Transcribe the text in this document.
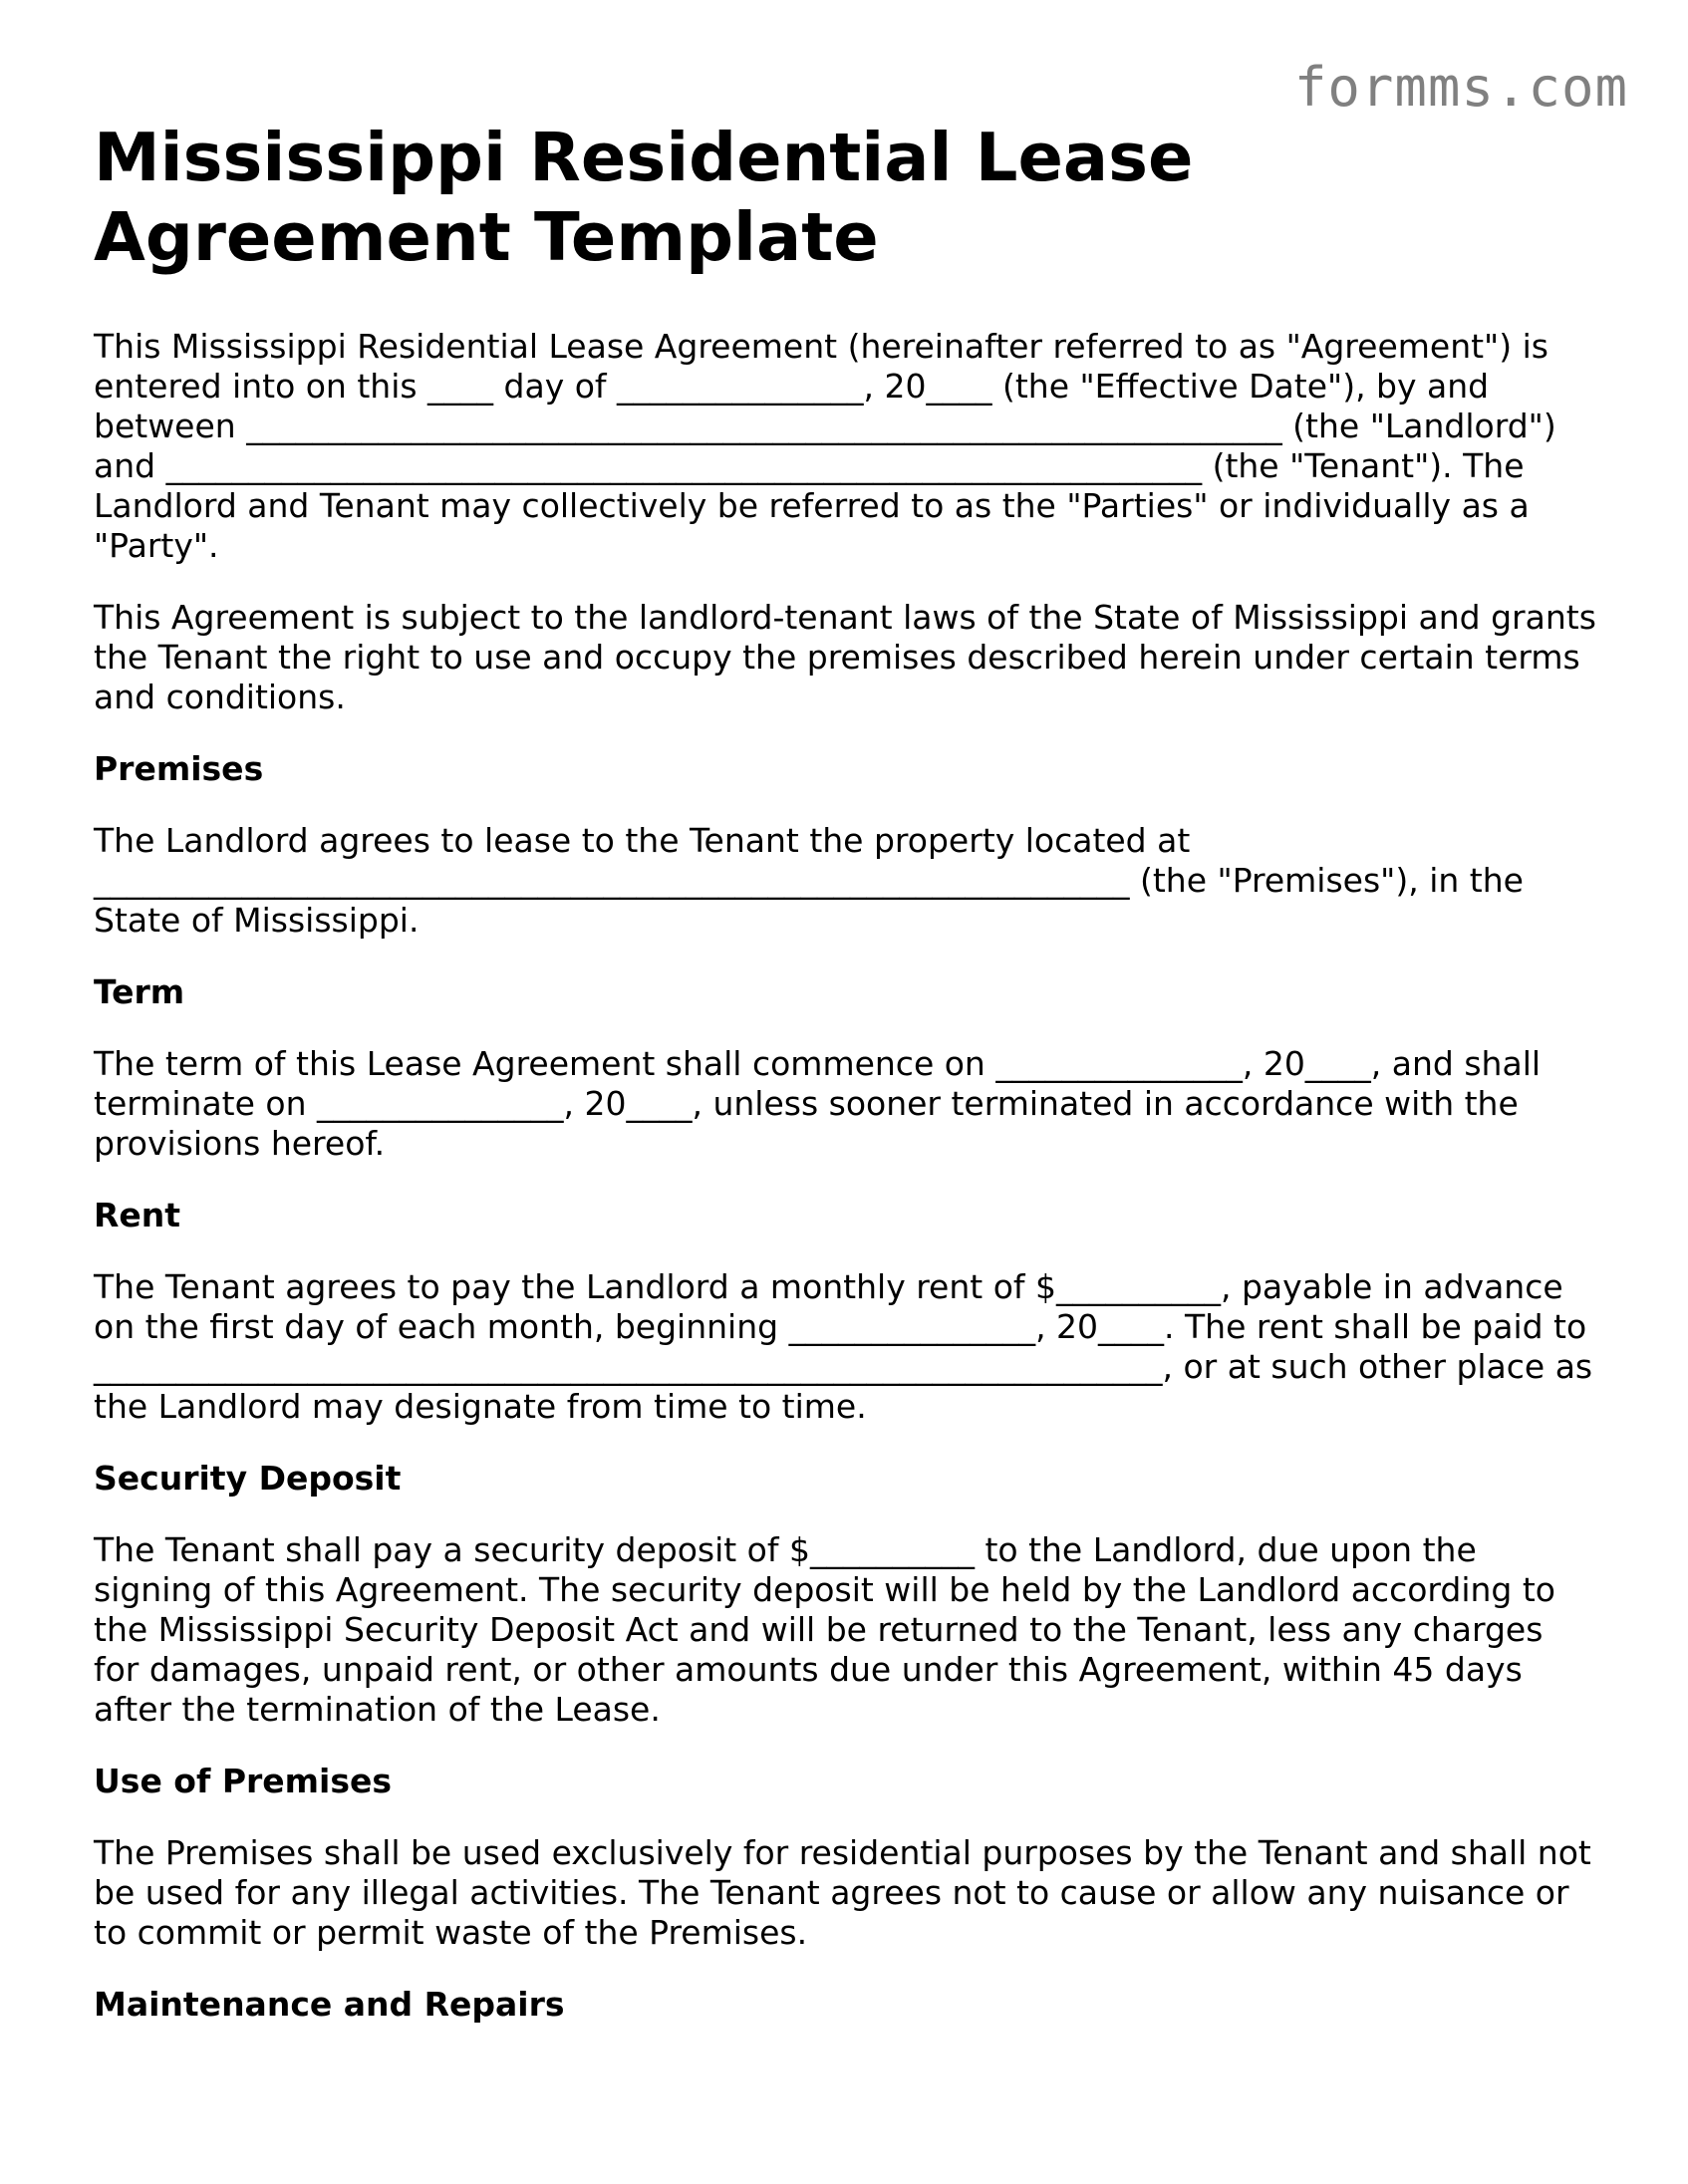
formms.com
Mississippi Residential Lease Agreement Template

This Mississippi Residential Lease Agreement (hereinafter referred to as "Agreement") is entered into on this ____ day of _______________, 20____ (the "Effective Date"), by and between _______________________________________________________________ (the "Landlord") and _______________________________________________________________ (the "Tenant"). The Landlord and Tenant may collectively be referred to as the "Parties" or individually as a "Party".

This Agreement is subject to the landlord-tenant laws of the State of Mississippi and grants the Tenant the right to use and occupy the premises described herein under certain terms and conditions.

Premises

The Landlord agrees to lease to the Tenant the property located at _______________________________________________________________ (the "Premises"), in the State of Mississippi.

Term

The term of this Lease Agreement shall commence on _______________, 20____, and shall terminate on _______________, 20____, unless sooner terminated in accordance with the provisions hereof.

Rent

The Tenant agrees to pay the Landlord a monthly rent of $__________, payable in advance on the first day of each month, beginning _______________, 20____. The rent shall be paid to _________________________________________________________________, or at such other place as the Landlord may designate from time to time.

Security Deposit

The Tenant shall pay a security deposit of $__________ to the Landlord, due upon the signing of this Agreement. The security deposit will be held by the Landlord according to the Mississippi Security Deposit Act and will be returned to the Tenant, less any charges for damages, unpaid rent, or other amounts due under this Agreement, within 45 days after the termination of the Lease.

Use of Premises

The Premises shall be used exclusively for residential purposes by the Tenant and shall not be used for any illegal activities. The Tenant agrees not to cause or allow any nuisance or to commit or permit waste of the Premises.

Maintenance and Repairs
